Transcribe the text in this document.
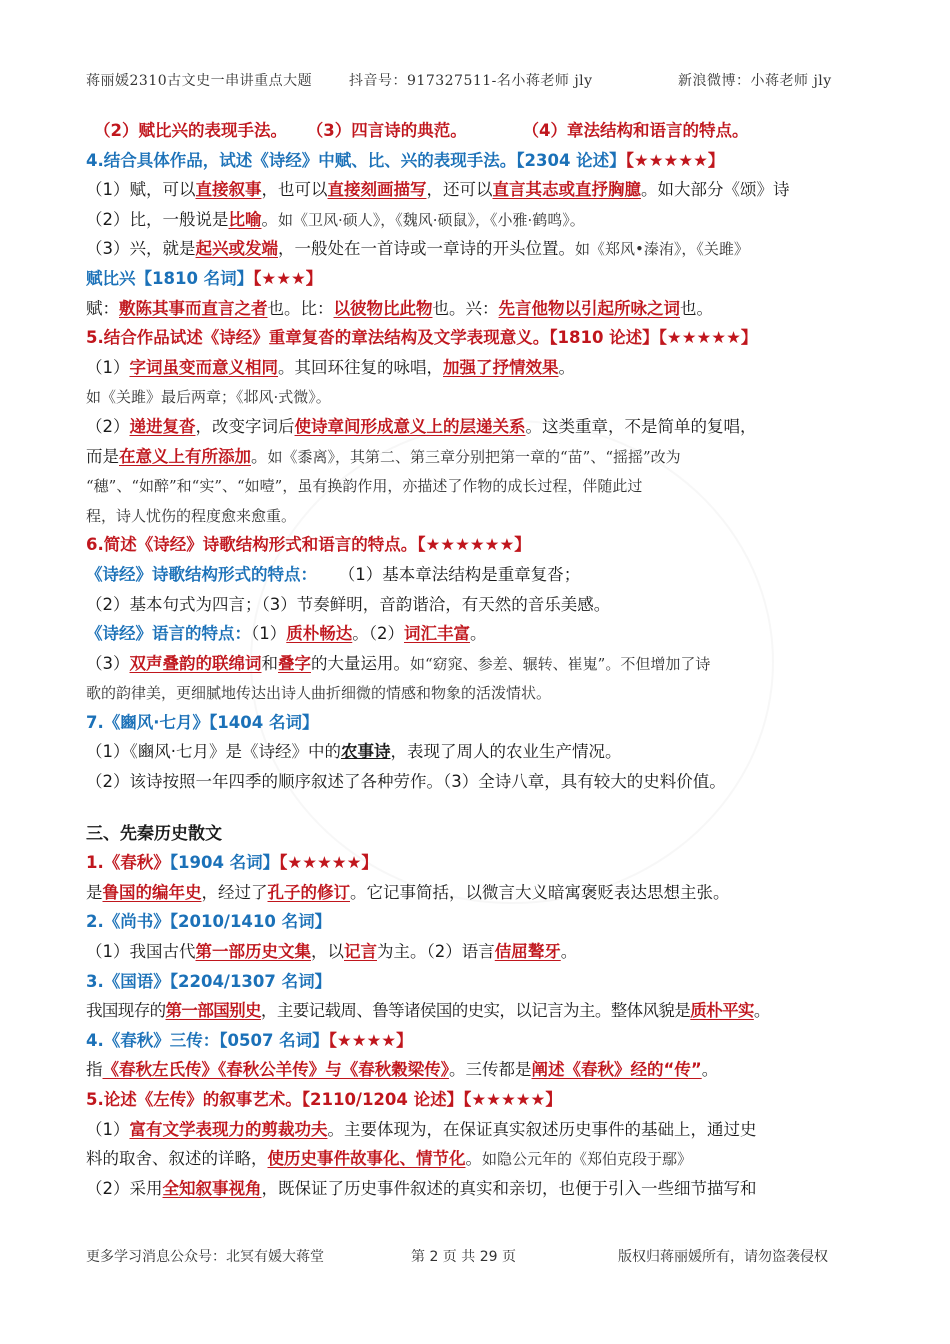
蒋丽媛2310古文史一串讲重点大题	抖音号：917327511-名小蒋老师 jly	新浪微博：小蒋老师 jly
（2）赋比兴的表现手法。 （3）四言诗的典范。	（4）章法结构和语言的特点。
4.结合具体作品，试述《诗经》中赋、比、兴的表现手法。【2304 论述】【★★★★★】
（1）赋，可以直接叙事，也可以直接刻画描写，还可以直言其志或直抒胸臆。如大部分《颂》诗
（2）比，一般说是比喻。如《卫风·硕人》，《魏风·硕鼠》，《小雅·鹤鸣》。
（3）兴，就是起兴或发端，一般处在一首诗或一章诗的开头位置。如《郑风•溱洧》，《关雎》
赋比兴【1810 名词】【★★★】
赋：敷陈其事而直言之者也。比：以彼物比此物也。兴：先言他物以引起所咏之词也。
5.结合作品试述《诗经》重章复沓的章法结构及文学表现意义。【1810 论述】【★★★★★】
（1）字词虽变而意义相同。其回环往复的咏唱，加强了抒情效果。
如《关雎》最后两章；《邶风·式微》。
（2）递进复沓，改变字词后使诗章间形成意义上的层递关系。这类重章，不是简单的复唱，
而是在意义上有所添加。如《黍离》，其第二、第三章分别把第一章的“苗”、“摇摇”改为
“穗”、“如醉”和“实”、“如噎”，虽有换韵作用，亦描述了作物的成长过程，伴随此过
程，诗人忧伤的程度愈来愈重。
6.简述《诗经》诗歌结构形式和语言的特点。【★★★★★★】
《诗经》诗歌结构形式的特点： （1）基本章法结构是重章复沓；
（2）基本句式为四言；（3）节奏鲜明，音韵谐洽，有天然的音乐美感。
《诗经》语言的特点：（1）质朴畅达。（2）词汇丰富。
（3）双声叠韵的联绵词和叠字的大量运用。如“窈窕、参差、辗转、崔嵬”。不但增加了诗
歌的韵律美，更细腻地传达出诗人曲折细微的情感和物象的活泼情状。
7.《豳风·七月》【1404 名词】
（1）《豳风·七月》是《诗经》中的农事诗，表现了周人的农业生产情况。
（2）该诗按照一年四季的顺序叙述了各种劳作。（3）全诗八章，具有较大的史料价值。
三、先秦历史散文
1.《春秋》【1904 名词】【★★★★★】
是鲁国的编年史，经过了孔子的修订。它记事简括，以微言大义暗寓褒贬表达思想主张。
2.《尚书》【2010/1410 名词】
（1）我国古代第一部历史文集，以记言为主。（2）语言佶屈聱牙。
3.《国语》【2204/1307 名词】
我国现存的第一部国别史，主要记载周、鲁等诸侯国的史实，以记言为主。整体风貌是质朴平实。
4.《春秋》三传：【0507 名词】【★★★★】
指《春秋左氏传》《春秋公羊传》与《春秋穀梁传》。三传都是阐述《春秋》经的“传”。
5.论述《左传》的叙事艺术。【2110/1204 论述】【★★★★★】
（1）富有文学表现力的剪裁功夫。主要体现为，在保证真实叙述历史事件的基础上，通过史
料的取舍、叙述的详略，使历史事件故事化、情节化。如隐公元年的《郑伯克段于鄢》
（2）采用全知叙事视角，既保证了历史事件叙述的真实和亲切，也便于引入一些细节描写和
更多学习消息公众号：北冥有媛大蒋堂	第 2 页 共 29 页	版权归蒋丽媛所有，请勿盗袭侵权
